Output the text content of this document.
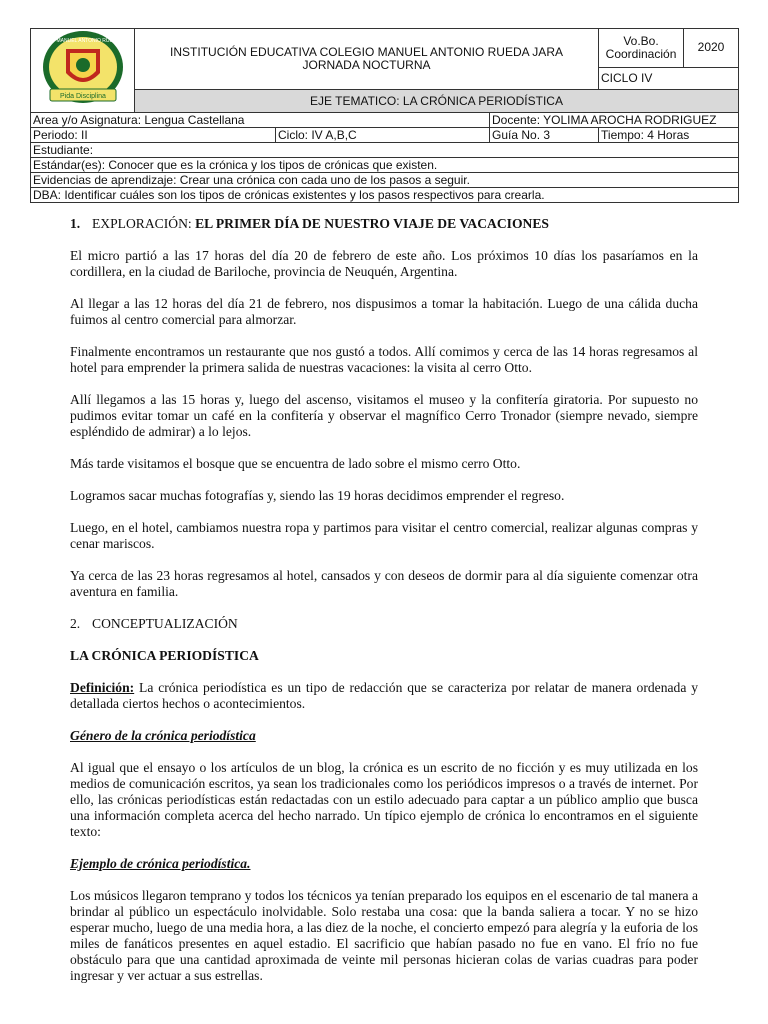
Pida Disciplina
COLEGIO MANUEL ANTONIO RUEDA JARA	INSTITUCIÓN EDUCATIVA COLEGIO MANUEL ANTONIO RUEDA JARA
JORNADA NOCTURNA			Vo.Bo.
Coordinación	2020
				CICLO IV	
	EJE TEMATICO: LA CRÓNICA PERIODÍSTICA				
Area y/o Asignatura: Lengua Castellana			Docente: YOLIMA AROCHA RODRIGUEZ		
Periodo: II		Ciclo: IV A,B,C	Guía No. 3	Tiempo: 4 Horas	
Estudiante:					
Estándar(es): Conocer que es la crónica y los tipos de crónicas que existen.					
Evidencias de aprendizaje: Crear una crónica con cada uno de los pasos a seguir.					
DBA: Identificar cuáles son los tipos de crónicas existentes y los pasos respectivos para crearla.					

1. EXPLORACIÓN: EL PRIMER DÍA DE NUESTRO VIAJE DE VACACIONES

El micro partió a las 17 horas del día 20 de febrero de este año. Los próximos 10 días los pasaríamos en la cordillera, en la ciudad de Bariloche, provincia de Neuquén, Argentina.

Al llegar a las 12 horas del día 21 de febrero, nos dispusimos a tomar la habitación. Luego de una cálida ducha fuimos al centro comercial para almorzar.

Finalmente encontramos un restaurante que nos gustó a todos. Allí comimos y cerca de las 14 horas regresamos al hotel para emprender la primera salida de nuestras vacaciones: la visita al cerro Otto.

Allí llegamos a las 15 horas y, luego del ascenso, visitamos el museo y la confitería giratoria. Por supuesto no pudimos evitar tomar un café en la confitería y observar el magnífico Cerro Tronador (siempre nevado, siempre espléndido de admirar) a lo lejos.

Más tarde visitamos el bosque que se encuentra de lado sobre el mismo cerro Otto.

Logramos sacar muchas fotografías y, siendo las 19 horas decidimos emprender el regreso.

Luego, en el hotel, cambiamos nuestra ropa y partimos para visitar el centro comercial, realizar algunas compras y cenar mariscos.

Ya cerca de las 23 horas regresamos al hotel, cansados y con deseos de dormir para al día siguiente comenzar otra aventura en familia.

2. CONCEPTUALIZACIÓN

LA CRÓNICA PERIODÍSTICA

Definición: La crónica periodística es un tipo de redacción que se caracteriza por relatar de manera ordenada y detallada ciertos hechos o acontecimientos.

Género de la crónica periodística

Al igual que el ensayo o los artículos de un blog, la crónica es un escrito de no ficción y es muy utilizada en los medios de comunicación escritos, ya sean los tradicionales como los periódicos impresos o a través de internet. Por ello, las crónicas periodísticas están redactadas con un estilo adecuado para captar a un público amplio que busca una información completa acerca del hecho narrado. Un típico ejemplo de crónica lo encontramos en el siguiente texto:

Ejemplo de crónica periodística.

Los músicos llegaron temprano y todos los técnicos ya tenían preparado los equipos en el escenario de tal manera a brindar al público un espectáculo inolvidable. Solo restaba una cosa: que la banda saliera a tocar. Y no se hizo esperar mucho, luego de una media hora, a las diez de la noche, el concierto empezó para alegría y la euforia de los miles de fanáticos presentes en aquel estadio. El sacrificio que habían pasado no fue en vano. El frío no fue obstáculo para que una cantidad aproximada de veinte mil personas hicieran colas de varias cuadras para poder ingresar y ver actuar a sus estrellas.
